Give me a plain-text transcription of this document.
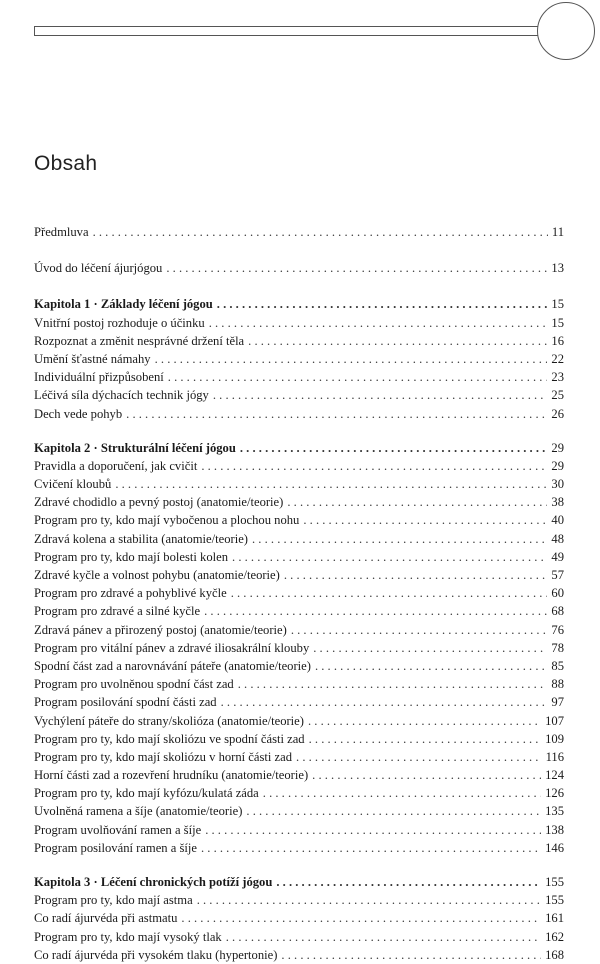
Obsah
Předmluva . . .	11
Úvod do léčení ájurjógou . . .	13
Kapitola 1 · Základy léčení jógou . . .	15
Vnitřní postoj rozhoduje o účinku . . .	15
Rozpoznat a změnit nesprávné držení těla . . .	16
Umění šťastné námahy . . .	22
Individuální přizpůsobení . . .	23
Léčivá síla dýchacích technik jógy . . .	25
Dech vede pohyb . . .	26
Kapitola 2 · Strukturální léčení jógou . . .	29
Pravidla a doporučení, jak cvičit . . .	29
Cvičení kloubů . . .	30
Zdravé chodidlo a pevný postoj (anatomie/teorie) . . .	38
Program pro ty, kdo mají vybočenou a plochou nohu . . .	40
Zdravá kolena a stabilita (anatomie/teorie) . . .	48
Program pro ty, kdo mají bolesti kolen . . .	49
Zdravé kyčle a volnost pohybu (anatomie/teorie) . . .	57
Program pro zdravé a pohyblivé kyčle . . .	60
Program pro zdravé a silné kyčle . . .	68
Zdravá pánev a přirozený postoj (anatomie/teorie) . . .	76
Program pro vitální pánev a zdravé iliosakrální klouby . . .	78
Spodní část zad a narovnávání páteře (anatomie/teorie) . . .	85
Program pro uvolněnou spodní část zad . . .	88
Program posilování spodní části zad . . .	97
Vychýlení páteře do strany/skolióza (anatomie/teorie) . . .	107
Program pro ty, kdo mají skoliózu ve spodní části zad . . .	109
Program pro ty, kdo mají skoliózu v horní části zad . . .	116
Horní části zad a rozevření hrudníku (anatomie/teorie) . . .	124
Program pro ty, kdo mají kyfózu/kulatá záda . . .	126
Uvolněná ramena a šíje (anatomie/teorie) . . .	135
Program uvolňování ramen a šíje . . .	138
Program posilování ramen a šíje . . .	146
Kapitola 3 · Léčení chronických potíží jógou . . .	155
Program pro ty, kdo mají astma . . .	155
Co radí ájurvéda při astmatu . . .	161
Program pro ty, kdo mají vysoký tlak . . .	162
Co radí ájurvéda při vysokém tlaku (hypertonie) . . .	168
